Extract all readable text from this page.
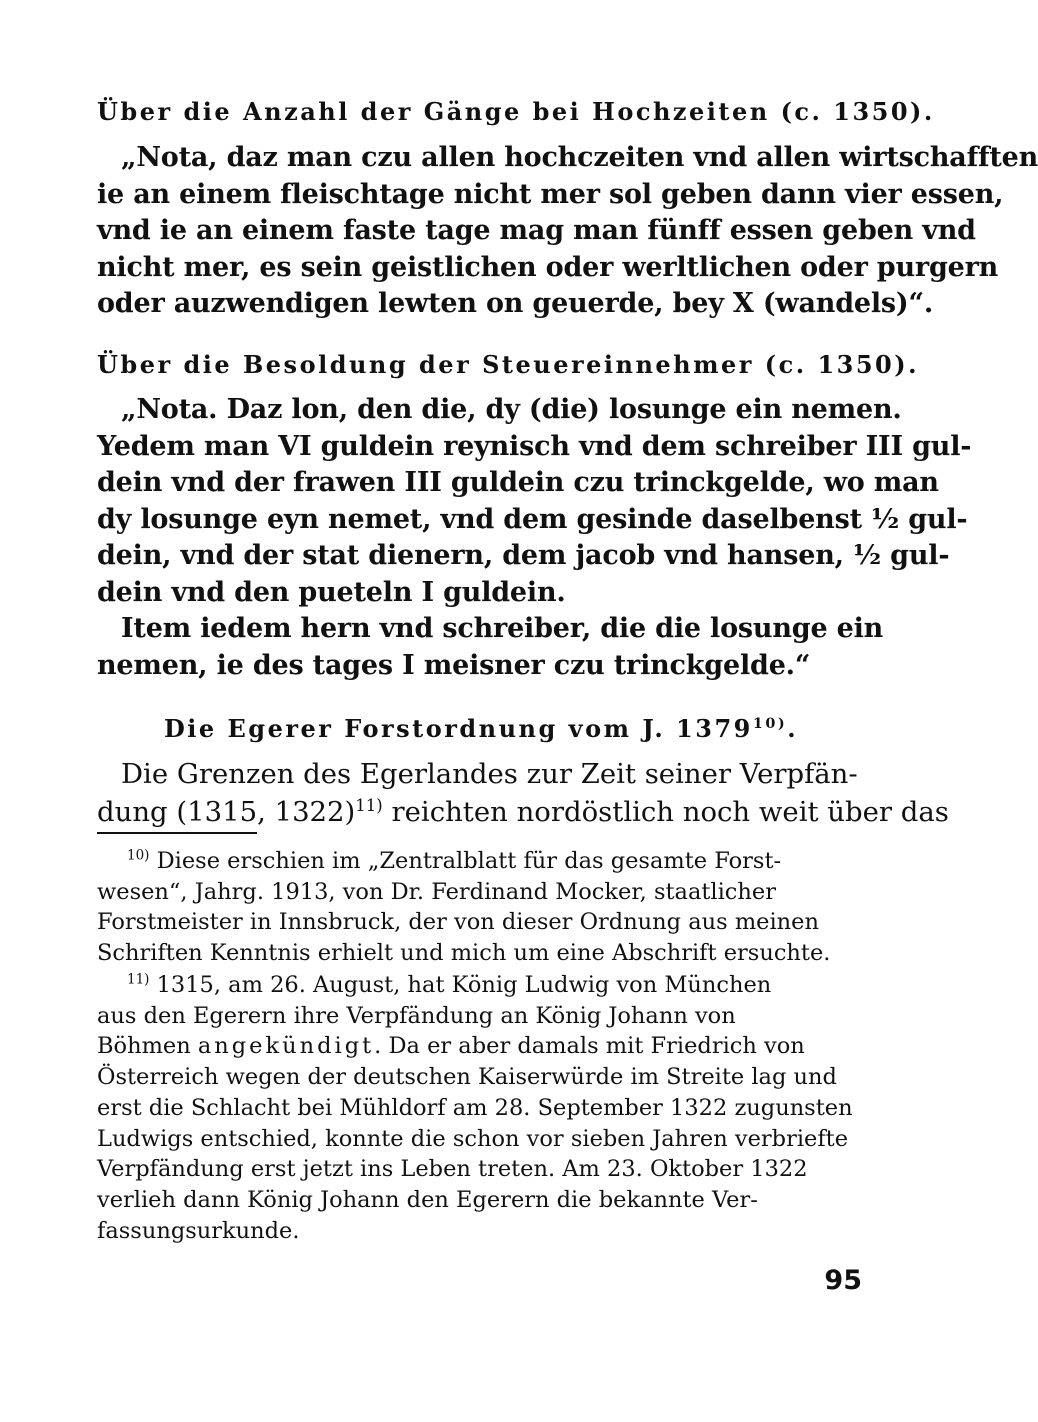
Über die Anzahl der Gänge bei Hochzeiten (c. 1350).
„Nota, daz man czu allen hochczeiten vnd allen wirtschafften
ie an einem fleischtage nicht mer sol geben dann vier essen,
vnd ie an einem faste tage mag man fünff essen geben vnd
nicht mer, es sein geistlichen oder werltlichen oder purgern
oder auzwendigen lewten on geuerde, bey X (wandels)“.
Über die Besoldung der Steuereinnehmer (c. 1350).
„Nota. Daz lon, den die, dy (die) losunge ein nemen.
Yedem man VI guldein reynisch vnd dem schreiber III gul-
dein vnd der frawen III guldein czu trinckgelde, wo man
dy losunge eyn nemet, vnd dem gesinde daselbenst ½ gul-
dein, vnd der stat dienern, dem jacob vnd hansen, ½ gul-
dein vnd den pueteln I guldein.
Item iedem hern vnd schreiber, die die losunge ein
nemen, ie des tages I meisner czu trinckgelde.“
Die Egerer Forstordnung vom J. 1379$^{10)}$.
Die Grenzen des Egerlandes zur Zeit seiner Verpfän-
dung (1315, 1322)$^{11)}$ reichten nordöstlich noch weit über das
$^{10)}$ Diese erschien im „Zentralblatt für das gesamte Forst-
wesen“, Jahrg. 1913, von Dr. Ferdinand Mocker, staatlicher
Forstmeister in Innsbruck, der von dieser Ordnung aus meinen
Schriften Kenntnis erhielt und mich um eine Abschrift ersuchte.
$^{11)}$ 1315, am 26. August, hat König Ludwig von München
aus den Egerern ihre Verpfändung an König Johann von
Böhmen angekündigt. Da er aber damals mit Friedrich von
Österreich wegen der deutschen Kaiserwürde im Streite lag und
erst die Schlacht bei Mühldorf am 28. September 1322 zugunsten
Ludwigs entschied, konnte die schon vor sieben Jahren verbriefte
Verpfändung erst jetzt ins Leben treten. Am 23. Oktober 1322
verlieh dann König Johann den Egerern die bekannte Ver-
fassungsurkunde.
95
